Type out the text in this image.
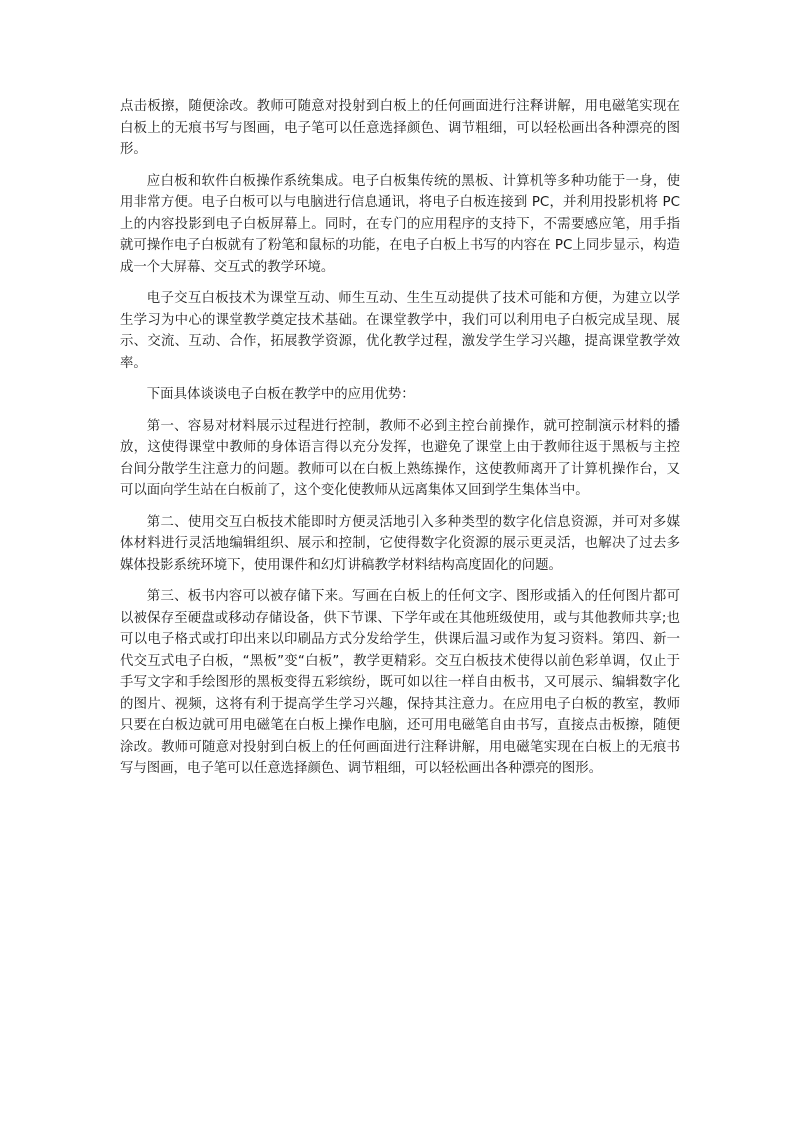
点击板擦，随便涂改。教师可随意对投射到白板上的任何画面进行注释讲解，用电磁笔实现在白板上的无痕书写与图画，电子笔可以任意选择颜色、调节粗细，可以轻松画出各种漂亮的图形。

应白板和软件白板操作系统集成。电子白板集传统的黑板、计算机等多种功能于一身，使用非常方便。电子白板可以与电脑进行信息通讯，将电子白板连接到 PC，并利用投影机将 PC上的内容投影到电子白板屏幕上。同时，在专门的应用程序的支持下，不需要感应笔，用手指就可操作电子白板就有了粉笔和鼠标的功能，在电子白板上书写的内容在 PC上同步显示，构造成一个大屏幕、交互式的教学环境。

电子交互白板技术为课堂互动、师生互动、生生互动提供了技术可能和方便，为建立以学生学习为中心的课堂教学奠定技术基础。在课堂教学中，我们可以利用电子白板完成呈现、展示、交流、互动、合作，拓展教学资源，优化教学过程，激发学生学习兴趣，提高课堂教学效率。

下面具体谈谈电子白板在教学中的应用优势：

第一、容易对材料展示过程进行控制，教师不必到主控台前操作，就可控制演示材料的播放，这使得课堂中教师的身体语言得以充分发挥，也避免了课堂上由于教师往返于黑板与主控台间分散学生注意力的问题。教师可以在白板上熟练操作，这使教师离开了计算机操作台，又可以面向学生站在白板前了，这个变化使教师从远离集体又回到学生集体当中。

第二、使用交互白板技术能即时方便灵活地引入多种类型的数字化信息资源，并可对多媒体材料进行灵活地编辑组织、展示和控制，它使得数字化资源的展示更灵活，也解决了过去多媒体投影系统环境下，使用课件和幻灯讲稿教学材料结构高度固化的问题。

第三、板书内容可以被存储下来。写画在白板上的任何文字、图形或插入的任何图片都可以被保存至硬盘或移动存储设备，供下节课、下学年或在其他班级使用，或与其他教师共享;也可以电子格式或打印出来以印刷品方式分发给学生，供课后温习或作为复习资料。第四、新一代交互式电子白板，“黑板”变“白板”，教学更精彩。交互白板技术使得以前色彩单调，仅止于手写文字和手绘图形的黑板变得五彩缤纷，既可如以往一样自由板书，又可展示、编辑数字化的图片、视频，这将有利于提高学生学习兴趣，保持其注意力。在应用电子白板的教室，教师只要在白板边就可用电磁笔在白板上操作电脑，还可用电磁笔自由书写，直接点击板擦，随便涂改。教师可随意对投射到白板上的任何画面进行注释讲解，用电磁笔实现在白板上的无痕书写与图画，电子笔可以任意选择颜色、调节粗细，可以轻松画出各种漂亮的图形。
